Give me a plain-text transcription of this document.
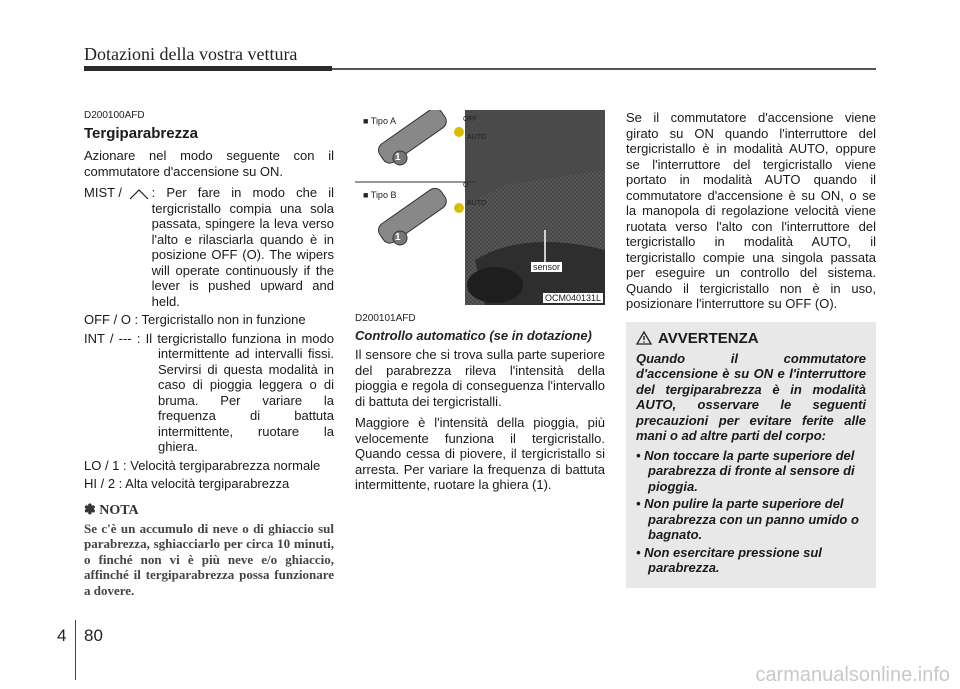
Dotazioni della vostra vettura
D200100AFD
Tergiparabrezza

Azionare nel modo seguente con il commutatore d'accensione su ON.

MIST /	: Per fare in modo che il tergicristallo compia una sola passata, spingere la leva verso l'alto e rilasciarla quando è in posizione OFF (O). The wipers will operate continuously if the lever is pushed upward and held.
OFF / O : Tergicristallo non in funzione
INT / --- : Il tergicristallo funziona in modo intermittente ad intervalli fissi. Servirsi di questa modalità in caso di pioggia leggera o di bruma. Per variare la frequenza di battuta intermittente, ruotare la ghiera.
LO / 1 : Velocità tergiparabrezza normale
HI / 2 : Alta velocità tergiparabrezza
✽ NOTA
Se c'è un accumulo di neve o di ghiaccio sul parabrezza, sghiacciarlo per circa 10 minuti, o finché non vi è più neve e/o ghiaccio, affinché il tergiparabrezza possa funzionare a dovere.
■ Tipo A
■ Tipo B
OFF
AUTO
O
AUTO
1
1
sensor
OCM040131L
D200101AFD
Controllo automatico (se in dotazione)

Il sensore che si trova sulla parte superiore del parabrezza rileva l'intensità della pioggia e regola di conseguenza l'intervallo di battuta dei tergicristalli.

Maggiore è l'intensità della pioggia, più velocemente funziona il tergicristallo. Quando cessa di piovere, il tergicristallo si arresta. Per variare la frequenza di battuta intermittente, ruotare la ghiera (1).

Se il commutatore d'accensione viene girato su ON quando l'interruttore del tergicristallo è in modalità AUTO, oppure se l'interruttore del tergicristallo viene portato in modalità AUTO quando il commutatore d'accensione è su ON, o se la manopola di regolazione velocità viene ruotata verso l'alto con l'interruttore del tergicristallo in modalità AUTO, il tergicristallo compie una singola passata per eseguire un controllo del sistema. Quando il tergicristallo non è in uso, posizionare l'interruttore su OFF (O).

AVVERTENZA
Quando il commutatore d'accensione è su ON e l'interruttore del tergiparabrezza è in modalità AUTO, osservare le seguenti precauzioni per evitare ferite alle mani o ad altre parti del corpo:
• Non toccare la parte superiore del parabrezza di fronte al sensore di pioggia.
• Non pulire la parte superiore del parabrezza con un panno umido o bagnato.
• Non esercitare pressione sul parabrezza.
4 80
carmanualsonline.info
